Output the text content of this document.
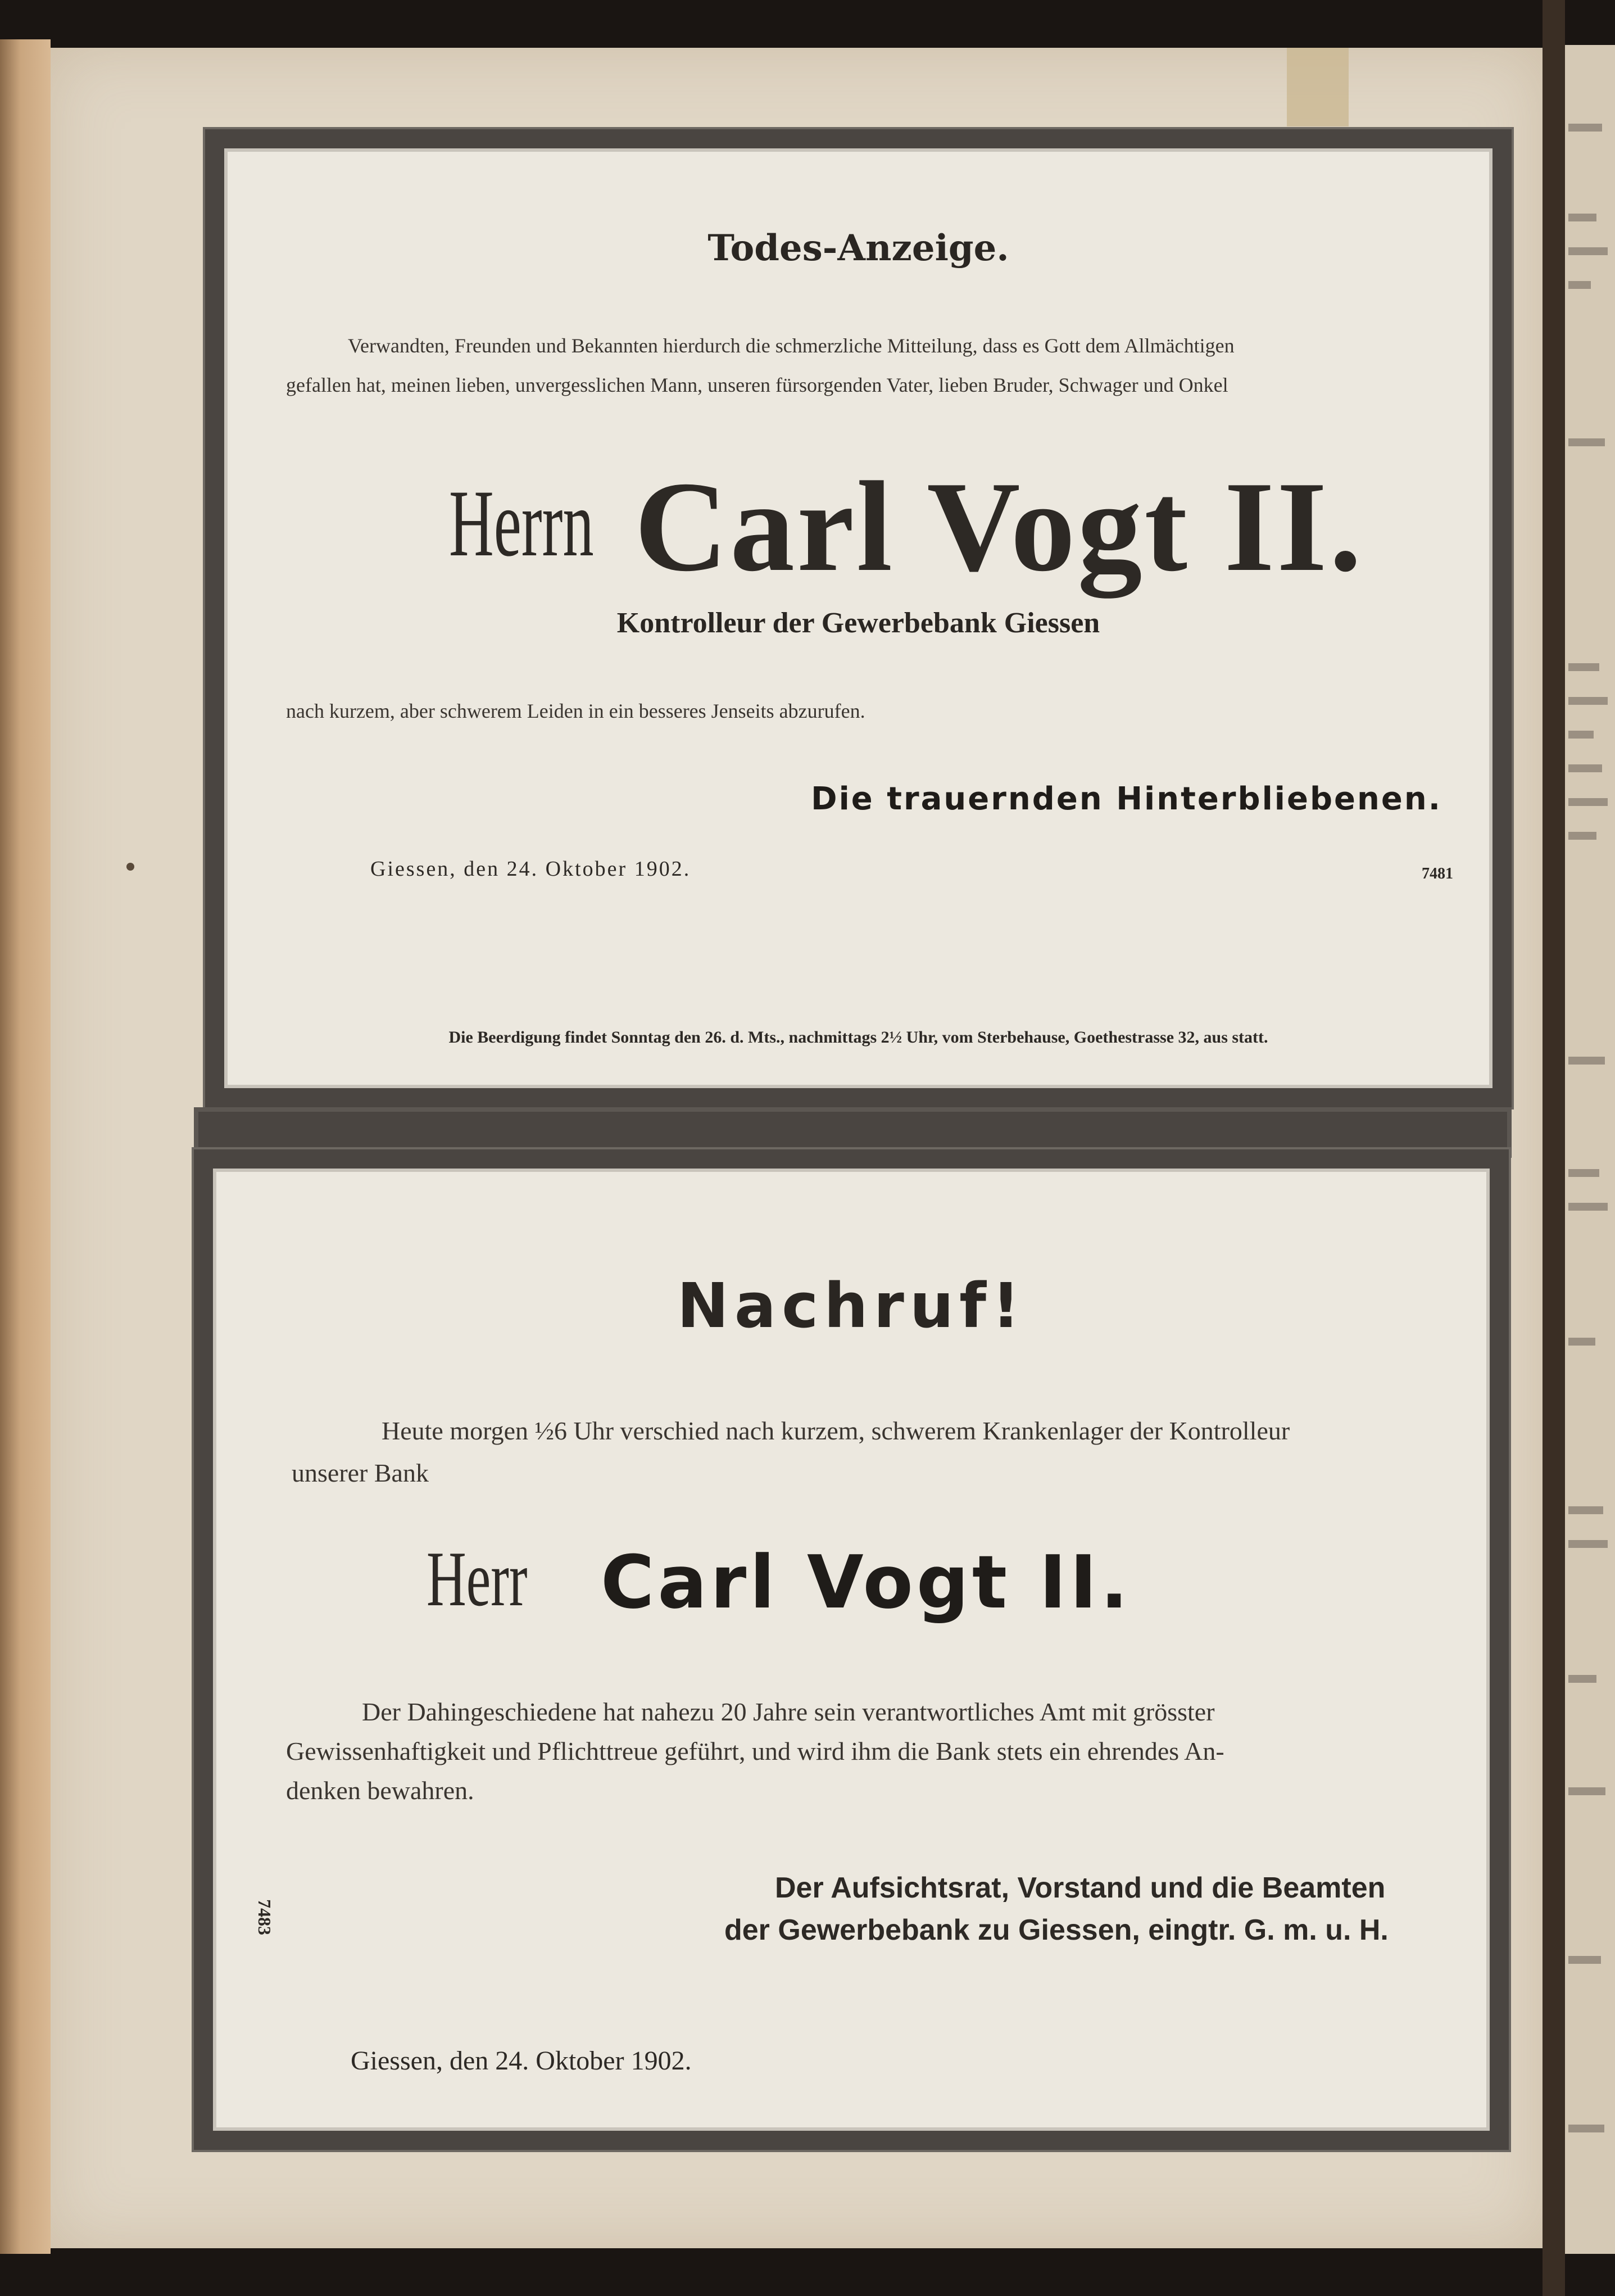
Todes-Anzeige.
Verwandten, Freunden und Bekannten hierdurch die schmerzliche Mitteilung, dass es Gott dem Allmächtigen
gefallen hat, meinen lieben, unvergesslichen Mann, unseren fürsorgenden Vater, lieben Bruder, Schwager und Onkel
Herrn Carl Vogt II.
Kontrolleur der Gewerbebank Giessen
nach kurzem, aber schwerem Leiden in ein besseres Jenseits abzurufen.
Die trauernden Hinterbliebenen.
Giessen, den 24. Oktober 1902.	7481
Die Beerdigung findet Sonntag den 26. d. Mts., nachmittags 2½ Uhr, vom Sterbehause, Goethestrasse 32, aus statt.
Nachruf!
Heute morgen ½6 Uhr verschied nach kurzem, schwerem Krankenlager der Kontrolleur
unserer Bank
Herr Carl Vogt II.
Der Dahingeschiedene hat nahezu 20 Jahre sein verantwortliches Amt mit grösster
Gewissenhaftigkeit und Pflichttreue geführt, und wird ihm die Bank stets ein ehrendes An-
denken bewahren.
Der Aufsichtsrat, Vorstand und die Beamten
der Gewerbebank zu Giessen, eingtr. G. m. u. H.
7483
Giessen, den 24. Oktober 1902.
